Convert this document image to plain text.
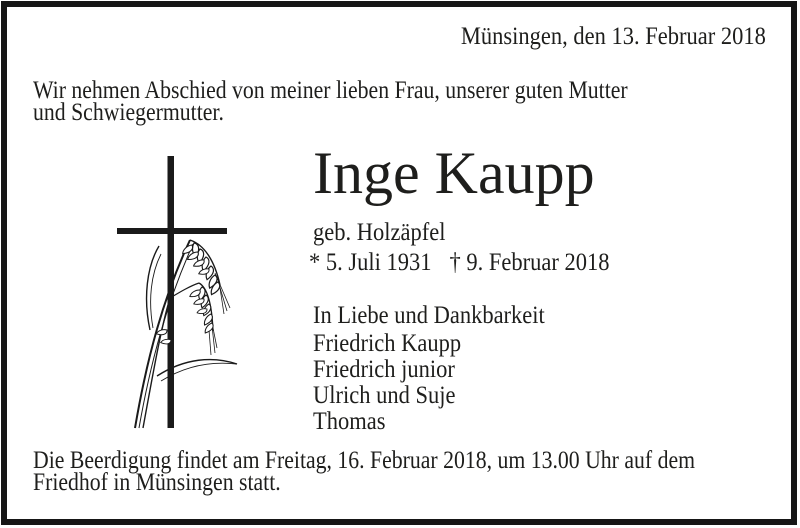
Münsingen, den 13. Februar 2018
Wir nehmen Abschied von meiner lieben Frau, unserer guten Mutter
und Schwiegermutter.
Inge Kaupp
geb. Holzäpfel
* 5. Juli 1931 † 9. Februar 2018
In Liebe und Dankbarkeit
Friedrich Kaupp
Friedrich junior
Ulrich und Suje
Thomas
Die Beerdigung findet am Freitag, 16. Februar 2018, um 13.00 Uhr auf dem
Friedhof in Münsingen statt.
